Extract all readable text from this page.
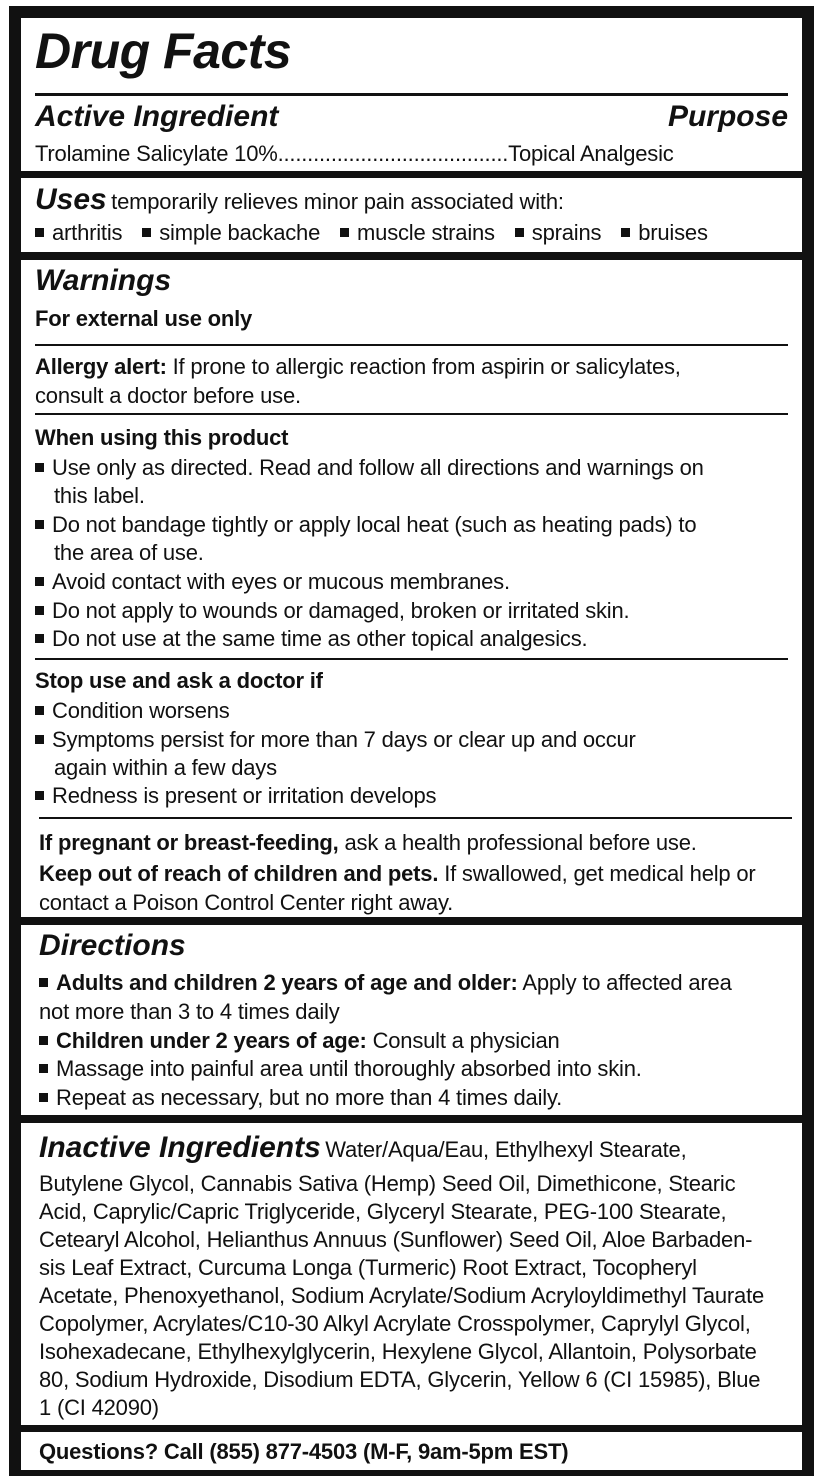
Drug Facts
Active Ingredient	Purpose
Trolamine Salicylate 10%.......................................Topical Analgesic
Uses temporarily relieves minor pain associated with:
arthritis simple backache muscle strains sprains bruises
Warnings
For external use only
Allergy alert: If prone to allergic reaction from aspirin or salicylates,
consult a doctor before use.
When using this product
Use only as directed. Read and follow all directions and warnings on
this label.
Do not bandage tightly or apply local heat (such as heating pads) to
the area of use.
Avoid contact with eyes or mucous membranes.
Do not apply to wounds or damaged, broken or irritated skin.
Do not use at the same time as other topical analgesics.
Stop use and ask a doctor if
Condition worsens
Symptoms persist for more than 7 days or clear up and occur
again within a few days
Redness is present or irritation develops
If pregnant or breast-feeding, ask a health professional before use.
Keep out of reach of children and pets. If swallowed, get medical help or
contact a Poison Control Center right away.
Directions
Adults and children 2 years of age and older: Apply to affected area
not more than 3 to 4 times daily
Children under 2 years of age: Consult a physician
Massage into painful area until thoroughly absorbed into skin.
Repeat as necessary, but no more than 4 times daily.
Inactive Ingredients Water/Aqua/Eau, Ethylhexyl Stearate,
Butylene Glycol, Cannabis Sativa (Hemp) Seed Oil, Dimethicone, Stearic
Acid, Caprylic/Capric Triglyceride, Glyceryl Stearate, PEG-100 Stearate,
Cetearyl Alcohol, Helianthus Annuus (Sunflower) Seed Oil, Aloe Barbaden-
sis Leaf Extract, Curcuma Longa (Turmeric) Root Extract, Tocopheryl
Acetate, Phenoxyethanol, Sodium Acrylate/Sodium Acryloyldimethyl Taurate
Copolymer, Acrylates/C10-30 Alkyl Acrylate Crosspolymer, Caprylyl Glycol,
Isohexadecane, Ethylhexylglycerin, Hexylene Glycol, Allantoin, Polysorbate
80, Sodium Hydroxide, Disodium EDTA, Glycerin, Yellow 6 (CI 15985), Blue
1 (CI 42090)
Questions? Call (855) 877-4503 (M-F, 9am-5pm EST)
